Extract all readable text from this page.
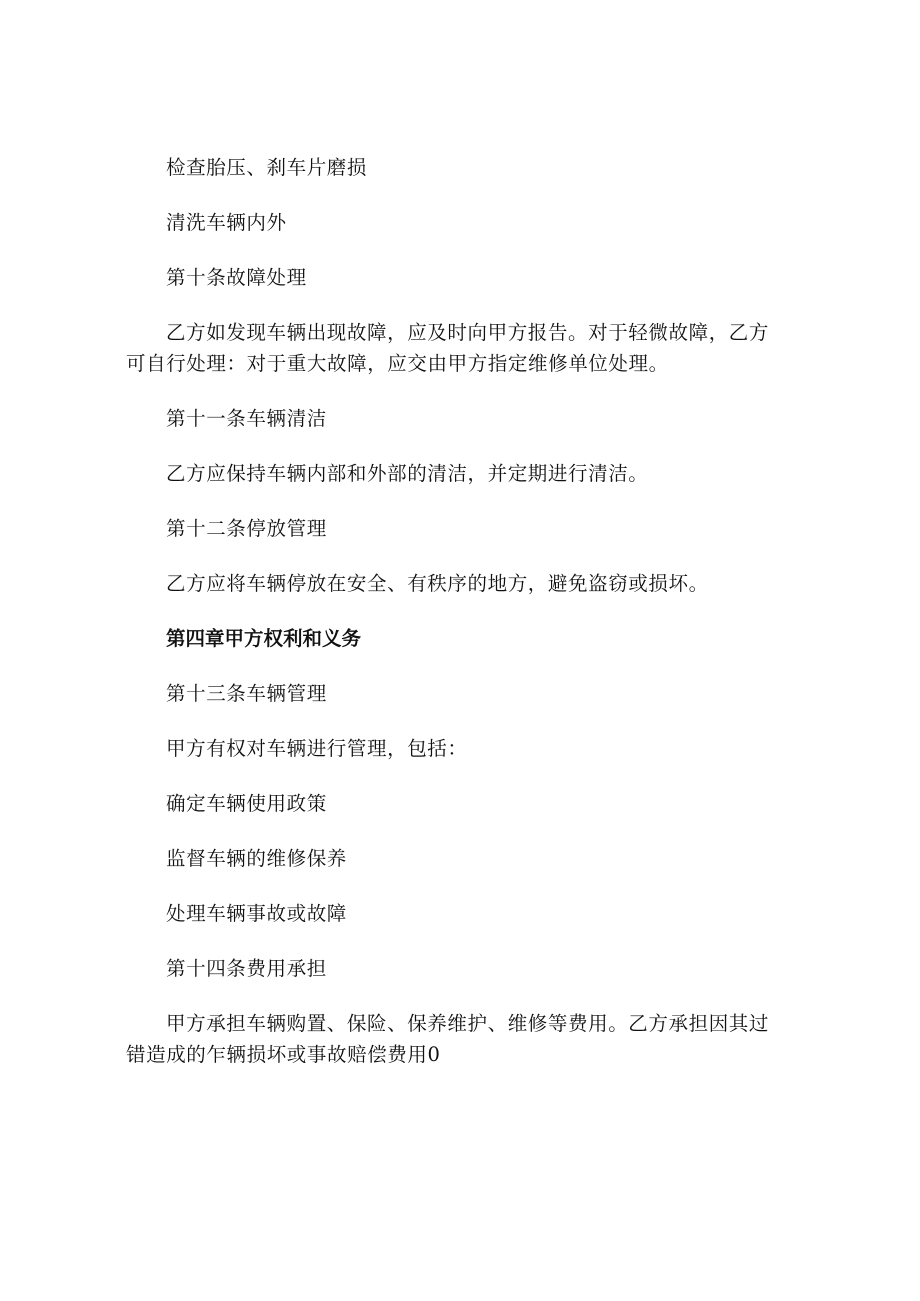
检查胎压、刹车片磨损

清洗车辆内外

第十条故障处理

乙方如发现车辆出现故障，应及时向甲方报告。对于轻微故障，乙方可自行处理：对于重大故障，应交由甲方指定维修单位处理。

第十一条车辆清洁

乙方应保持车辆内部和外部的清洁，并定期进行清洁。

第十二条停放管理

乙方应将车辆停放在安全、有秩序的地方，避免盗窃或损坏。

第四章甲方权利和义务

第十三条车辆管理

甲方有权对车辆进行管理，包括：

确定车辆使用政策

监督车辆的维修保养

处理车辆事故或故障

第十四条费用承担

甲方承担车辆购置、保险、保养维护、维修等费用。乙方承担因其过错造成的乍辆损坏或事故赔偿费用0
